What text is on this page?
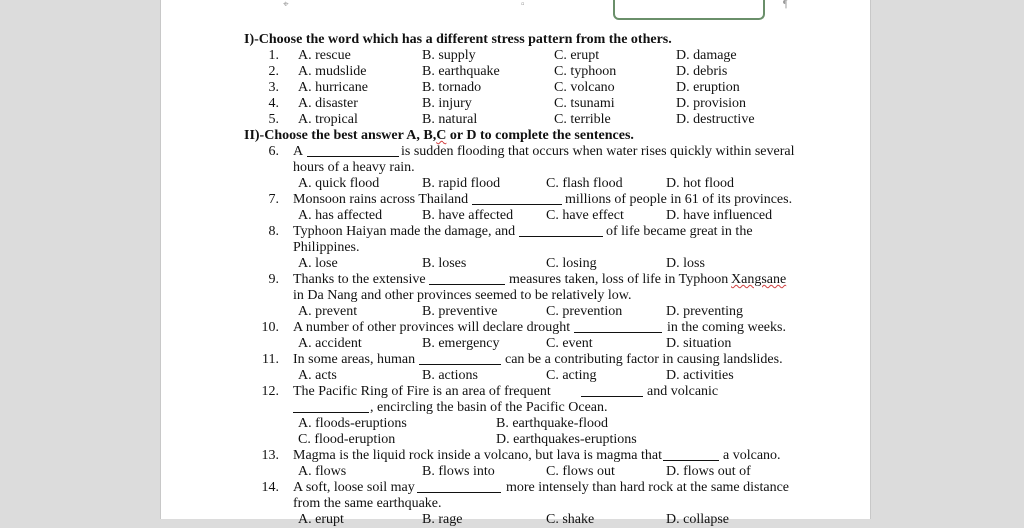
⌖	▫	¶
I)-Choose the word which has a different stress pattern from the others.
1. A. rescue	B. supply	C. erupt	D. damage
2. A. mudslide	B. earthquake	C. typhoon	D. debris
3. A. hurricane	B. tornado	C. volcano	D. eruption
4. A. disaster	B. injury	C. tsunami	D. provision
5. A. tropical	B. natural	C. terrible	D. destructive
II)-Choose the best answer A, B,C or D to complete the sentences.
6. A	is sudden flooding that occurs when water rises quickly within several
hours of a heavy rain.
A. quick flood	B. rapid flood	C. flash flood	D. hot flood
7. Monsoon rains across Thailand	millions of people in 61 of its provinces.
A. has affected	B. have affected C. have effect	D. have influenced
8. Typhoon Haiyan made the damage, and	of life became great in the
Philippines.
A. lose	B. loses	C. losing	D. loss
9. Thanks to the extensive	measures taken, loss of life in Typhoon Xangsane
in Da Nang and other provinces seemed to be relatively low.
A. prevent	B. preventive	C. prevention	D. preventing
10. A number of other provinces will declare drought	in the coming weeks.
A. accident	B. emergency	C. event	D. situation
11. In some areas, human	can be a contributing factor in causing landslides.
A. acts	B. actions	C. acting	D. activities
12. The Pacific Ring of Fire is an area of frequent	and volcanic
, encircling the basin of the Pacific Ocean.
A. floods-eruptions	B. earthquake-flood
C. flood-eruption	D. earthquakes-eruptions
13. Magma is the liquid rock inside a volcano, but lava is magma that	a volcano.
A. flows	B. flows into	C. flows out	D. flows out of
14. A soft, loose soil may	more intensely than hard rock at the same distance
from the same earthquake.
A. erupt	B. rage	C. shake	D. collapse
